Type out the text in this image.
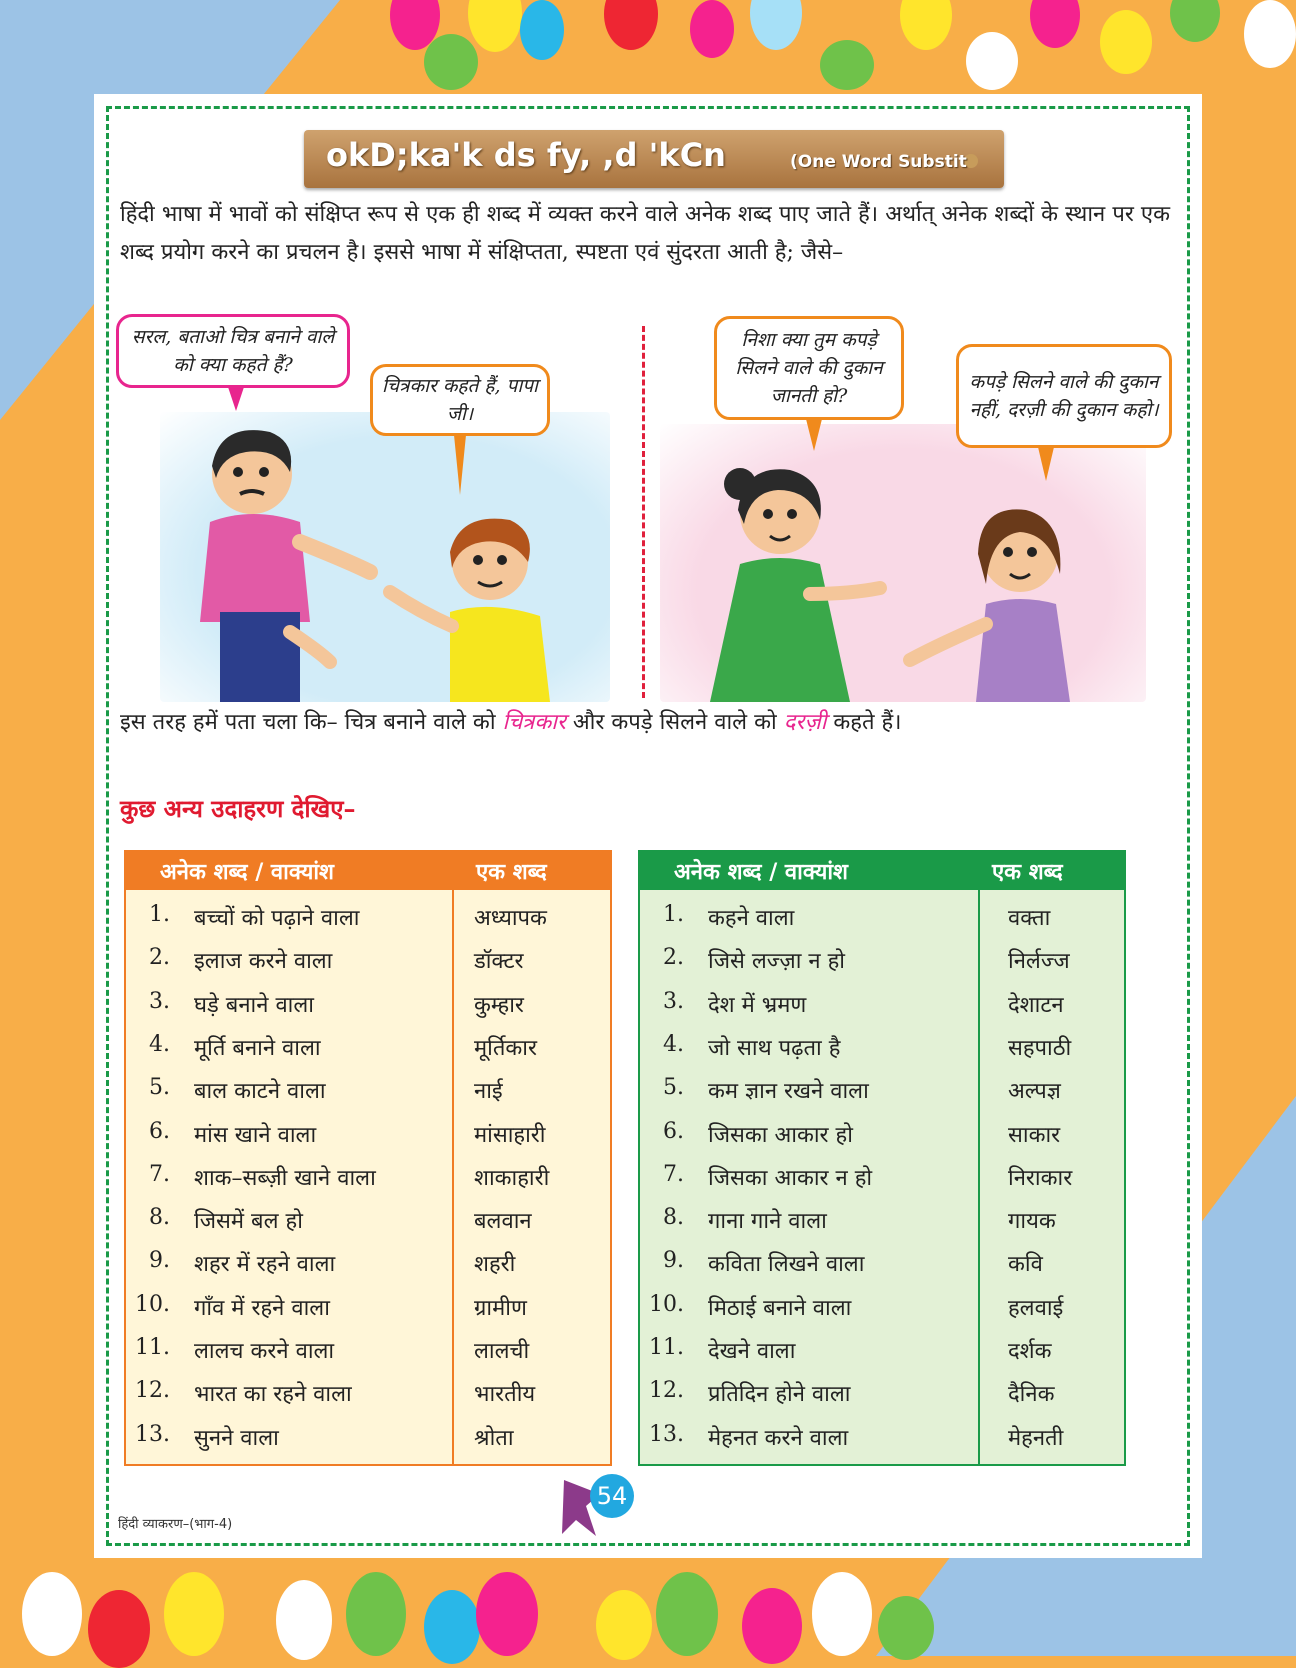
okD;ka'k ds fy, ,d 'kCn	(One Word Substit
हिंदी भाषा में भावों को संक्षिप्त रूप से एक ही शब्द में व्यक्त करने वाले अनेक शब्द पाए जाते हैं। अर्थात् अनेक शब्दों के स्थान पर एक शब्द प्रयोग करने का प्रचलन है। इससे भाषा में संक्षिप्तता, स्पष्टता एवं सुंदरता आती है; जैसे–
सरल, बताओ चित्र बनाने वाले को क्या कहते हैं?
चित्रकार कहते हैं, पापा जी।
निशा क्या तुम कपड़े सिलने वाले की दुकान जानती हो?
कपड़े सिलने वाले की दुकान नहीं, दरज़ी की दुकान कहो।
इस तरह हमें पता चला कि– चित्र बनाने वाले को चित्रकार और कपड़े सिलने वाले को दरज़ी कहते हैं।
कुछ अन्य उदाहरण देखिए–
अनेक शब्द / वाक्यांश	एक शब्द
1. बच्चों को पढ़ाने वाला	अध्यापक
2. इलाज करने वाला	डॉक्टर
3. घड़े बनाने वाला	कुम्हार
4. मूर्ति बनाने वाला	मूर्तिकार
5. बाल काटने वाला	नाई
6. मांस खाने वाला	मांसाहारी
7. शाक–सब्ज़ी खाने वाला	शाकाहारी
8. जिसमें बल हो	बलवान
9. शहर में रहने वाला	शहरी
10. गाँव में रहने वाला	ग्रामीण
11. लालच करने वाला	लालची
12. भारत का रहने वाला	भारतीय
13. सुनने वाला	श्रोता
अनेक शब्द / वाक्यांश	एक शब्द
1. कहने वाला	वक्ता
2. जिसे लज्ज़ा न हो	निर्लज्ज
3. देश में भ्रमण	देशाटन
4. जो साथ पढ़ता है	सहपाठी
5. कम ज्ञान रखने वाला	अल्पज्ञ
6. जिसका आकार हो	साकार
7. जिसका आकार न हो	निराकार
8. गाना गाने वाला	गायक
9. कविता लिखने वाला	कवि
10. मिठाई बनाने वाला	हलवाई
11. देखने वाला	दर्शक
12. प्रतिदिन होने वाला	दैनिक
13. मेहनत करने वाला	मेहनती
54
हिंदी व्याकरण–(भाग-4)
